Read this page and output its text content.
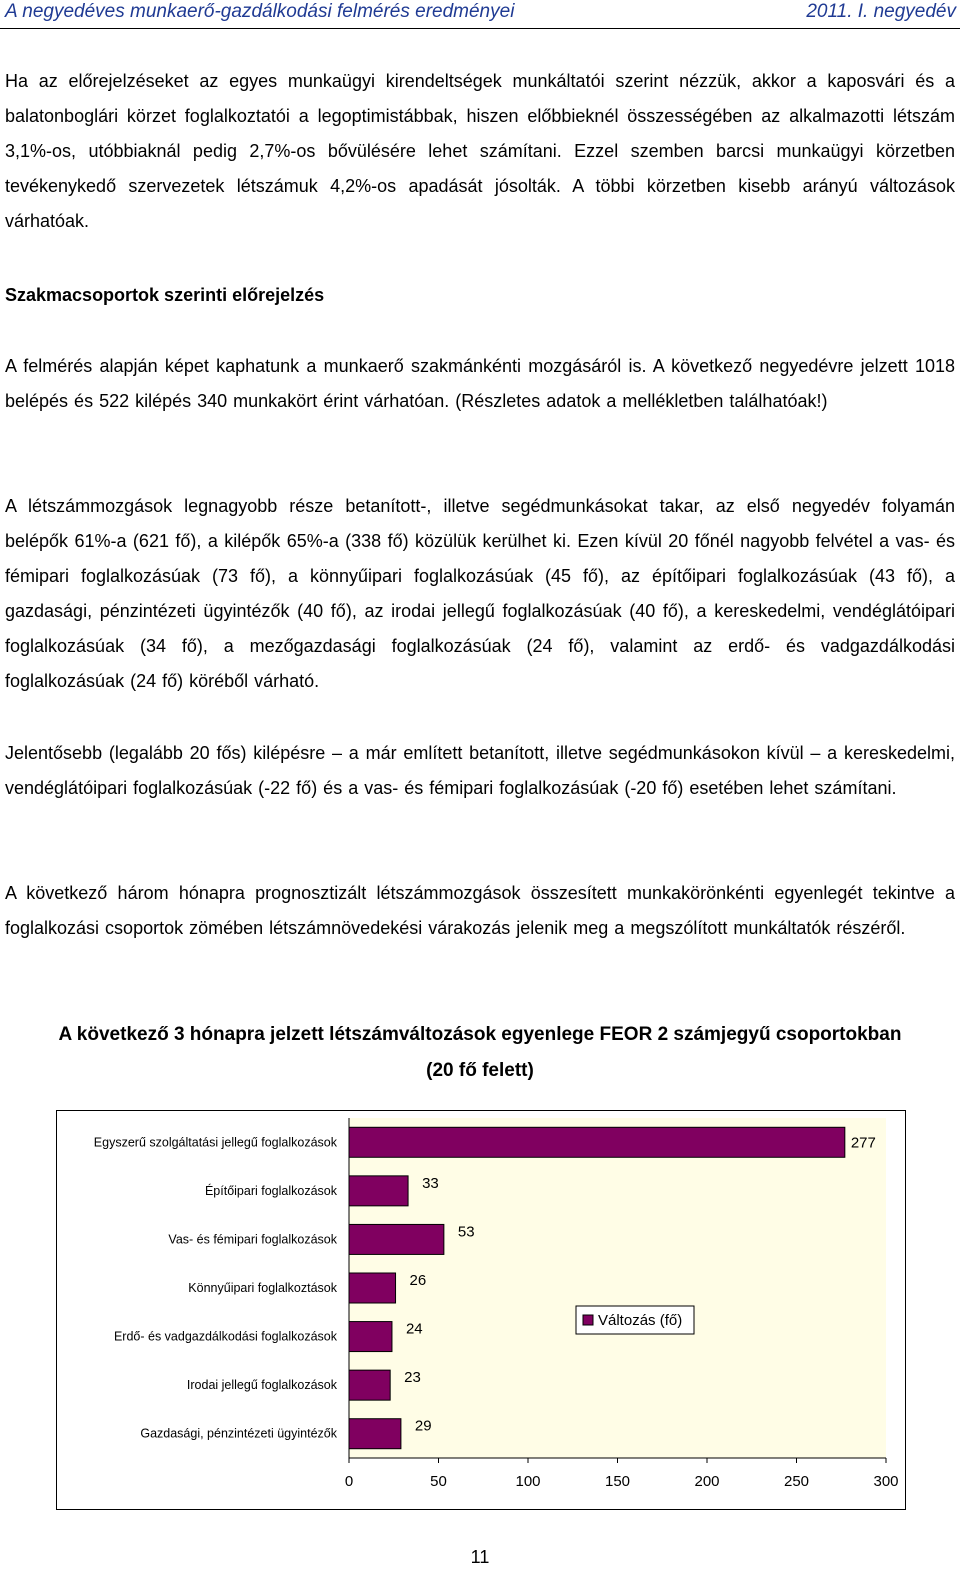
A negyedéves munkaerő-gazdálkodási felmérés eredményei	2011. I. negyedév

Ha az előrejelzéseket az egyes munkaügyi kirendeltségek munkáltatói szerint nézzük, akkor a kaposvári és a balatonboglári körzet foglalkoztatói a legoptimistábbak, hiszen előbbieknél összességében az alkalmazotti létszám 3,1%-os, utóbbiaknál pedig 2,7%-os bővülésére lehet számítani. Ezzel szemben barcsi munkaügyi körzetben tevékenykedő szervezetek létszámuk 4,2%-os apadását jósolták. A többi körzetben kisebb arányú változások várhatóak.

Szakmacsoportok szerinti előrejelzés

A felmérés alapján képet kaphatunk a munkaerő szakmánkénti mozgásáról is. A következő negyedévre jelzett 1018 belépés és 522 kilépés 340 munkakört érint várhatóan. (Részletes adatok a mellékletben találhatóak!)

A létszámmozgások legnagyobb része betanított-, illetve segédmunkásokat takar, az első negyedév folyamán belépők 61%-a (621 fő), a kilépők 65%-a (338 fő) közülük kerülhet ki. Ezen kívül 20 főnél nagyobb felvétel a vas- és fémipari foglalkozásúak (73 fő), a könnyűipari foglalkozásúak (45 fő), az építőipari foglalkozásúak (43 fő), a gazdasági, pénzintézeti ügyintézők (40 fő), az irodai jellegű foglalkozásúak (40 fő), a kereskedelmi, vendéglátóipari foglalkozásúak (34 fő), a mezőgazdasági foglalkozásúak (24 fő), valamint az erdő- és vadgazdálkodási foglalkozásúak (24 fő) köréből várható.

Jelentősebb (legalább 20 fős) kilépésre – a már említett betanított, illetve segédmunkásokon kívül – a kereskedelmi, vendéglátóipari foglalkozásúak (-22 fő) és a vas- és fémipari foglalkozásúak (-20 fő) esetében lehet számítani.

A következő három hónapra prognosztizált létszámmozgások összesített munkakörönkénti egyenlegét tekintve a foglalkozási csoportok zömében létszámnövedekési várakozás jelenik meg a megszólított munkáltatók részéről.

A következő 3 hónapra jelzett létszámváltozások egyenlege FEOR 2 számjegyű csoportokban
(20 fő felett)
Egyszerű szolgáltatási jellegű foglalkozások	277
Építőipari foglalkozások	33
Vas- és fémipari foglalkozások	53
Könnyűipari foglalkoztások	26
Erdő- és vadgazdálkodási foglalkozások	24
Irodai jellegű foglalkozások	23
Gazdasági, pénzintézeti ügyintézők	29
0	50	100	150	200	250	300
Változás (fő)
11
